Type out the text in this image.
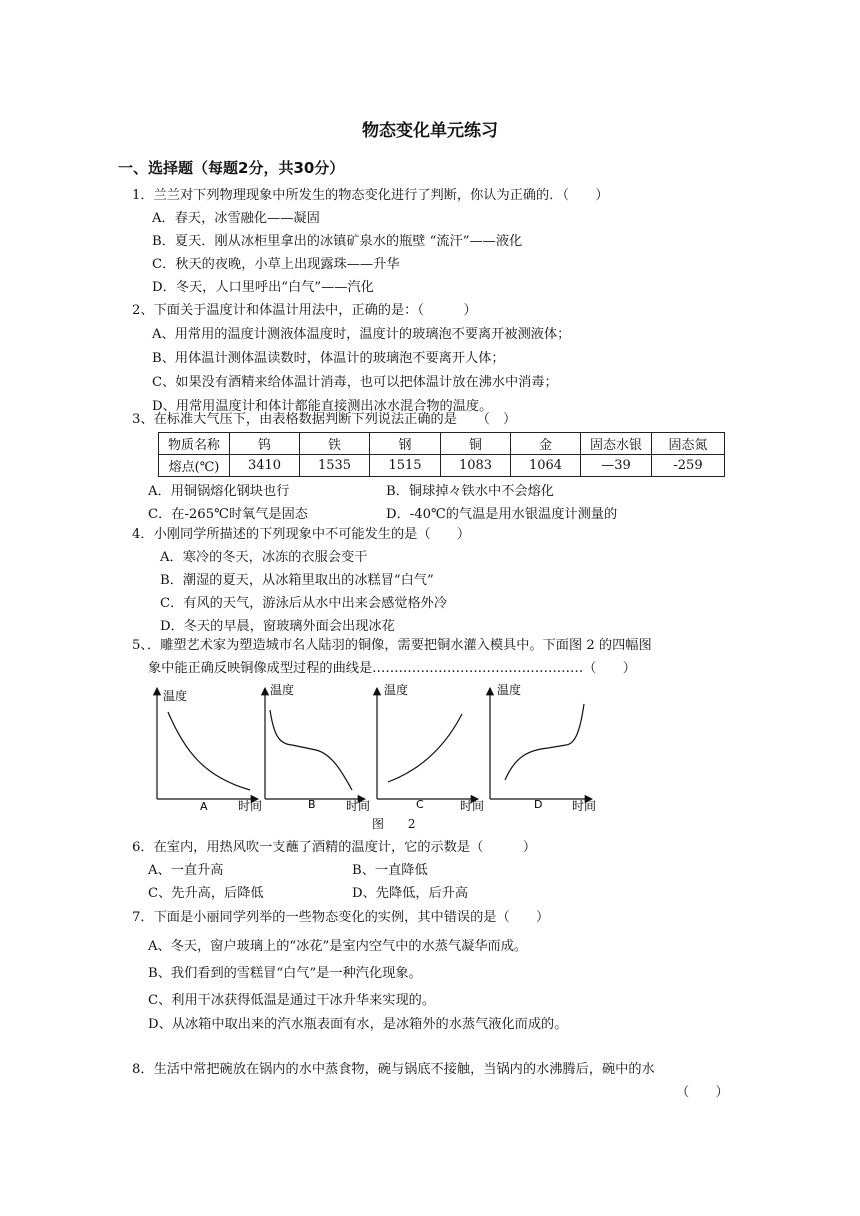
物态变化单元练习
一、选择题（每题2分，共30分）
1．兰兰对下列物理现象中所发生的物态变化进行了判断，你认为正确的．（　　）
A．春天，冰雪融化——凝固
B．夏天．刚从冰柜里拿出的冰镇矿泉水的瓶壁 “流汗”——液化
C．秋天的夜晚，小草上出现露珠——升华
D．冬天，人口里呼出“白气”——汽化
2、下面关于温度计和体温计用法中，正确的是：（　　　）
A、用常用的温度计测液体温度时，温度计的玻璃泡不要离开被测液体；
B、用体温计测体温读数时，体温计的玻璃泡不要离开人体；
C、如果没有酒精来给体温计消毒，也可以把体温计放在沸水中消毒；
D、用常用温度计和体计都能直接测出冰水混合物的温度。
3、在标准大气压下，由表格数据判断下列说法正确的是　　（　）
物质名称	钨	铁	钢	铜	金	固态水银	固态氮
熔点(℃)	3410	1535	1515	1083	1064	—39	-259
A．用铜锅熔化钢块也行	B．铜球掉々铁水中不会熔化
C．在-265℃时氧气是固态	D．-40℃的气温是用水银温度计测量的
4．小刚同学所描述的下列现象中不可能发生的是（　　）
A．寒冷的冬天，冰冻的衣服会变干
B．潮湿的夏天，从冰箱里取出的冰糕冒“白气”
C．有风的天气，游泳后从水中出来会感觉格外冷
D．冬天的早晨，窗玻璃外面会出现冰花
5、．雕塑艺术家为塑造城市名人陆羽的铜像，需要把铜水灌入模具中。下面图 2 的四幅图
象中能正确反映铜像成型过程的曲线是…………………………………………（　　）
温度
A	时间
温度
B	时间
温度
C	时间
温度
D 时间
图 2
6．在室内，用热风吹一支蘸了酒精的温度计，它的示数是（　　　）
A、一直升高	B、一直降低
C、先升高，后降低	D、先降低，后升高
7．下面是小丽同学列举的一些物态变化的实例，其中错误的是（　　）
A、冬天，窗户玻璃上的“冰花”是室内空气中的水蒸气凝华而成。
B、我们看到的雪糕冒“白气”是一种汽化现象。
C、利用干冰获得低温是通过干冰升华来实现的。
D、从冰箱中取出来的汽水瓶表面有水，是冰箱外的水蒸气液化而成的。
8．生活中常把碗放在锅内的水中蒸食物，碗与锅底不接触，当锅内的水沸腾后，碗中的水
（　　）
